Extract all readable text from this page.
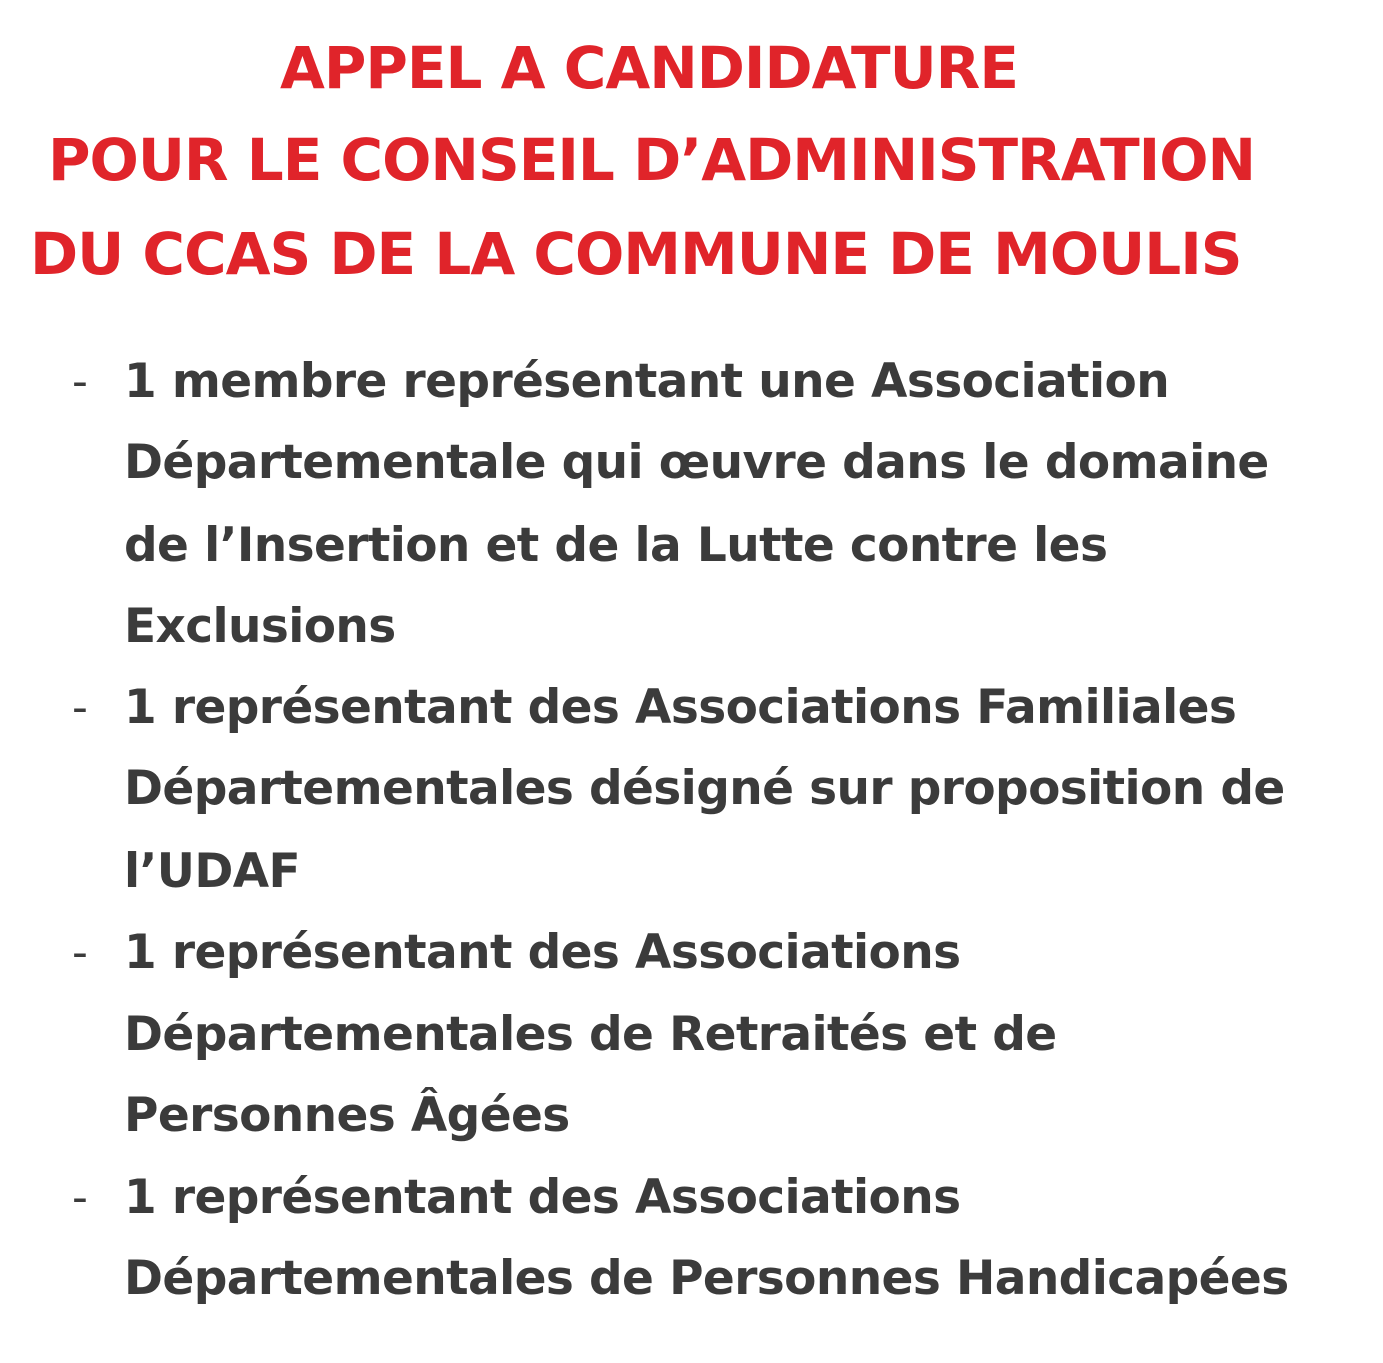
APPEL A CANDIDATURE
POUR LE CONSEIL D’ADMINISTRATION
DU CCAS DE LA COMMUNE DE MOULIS
- 1 membre représentant une Association

Départementale qui œuvre dans le domaine

de l’Insertion et de la Lutte contre les

Exclusions

- 1 représentant des Associations Familiales

Départementales désigné sur proposition de

l’UDAF

- 1 représentant des Associations

Départementales de Retraités et de

Personnes Âgées

- 1 représentant des Associations

Départementales de Personnes Handicapées
